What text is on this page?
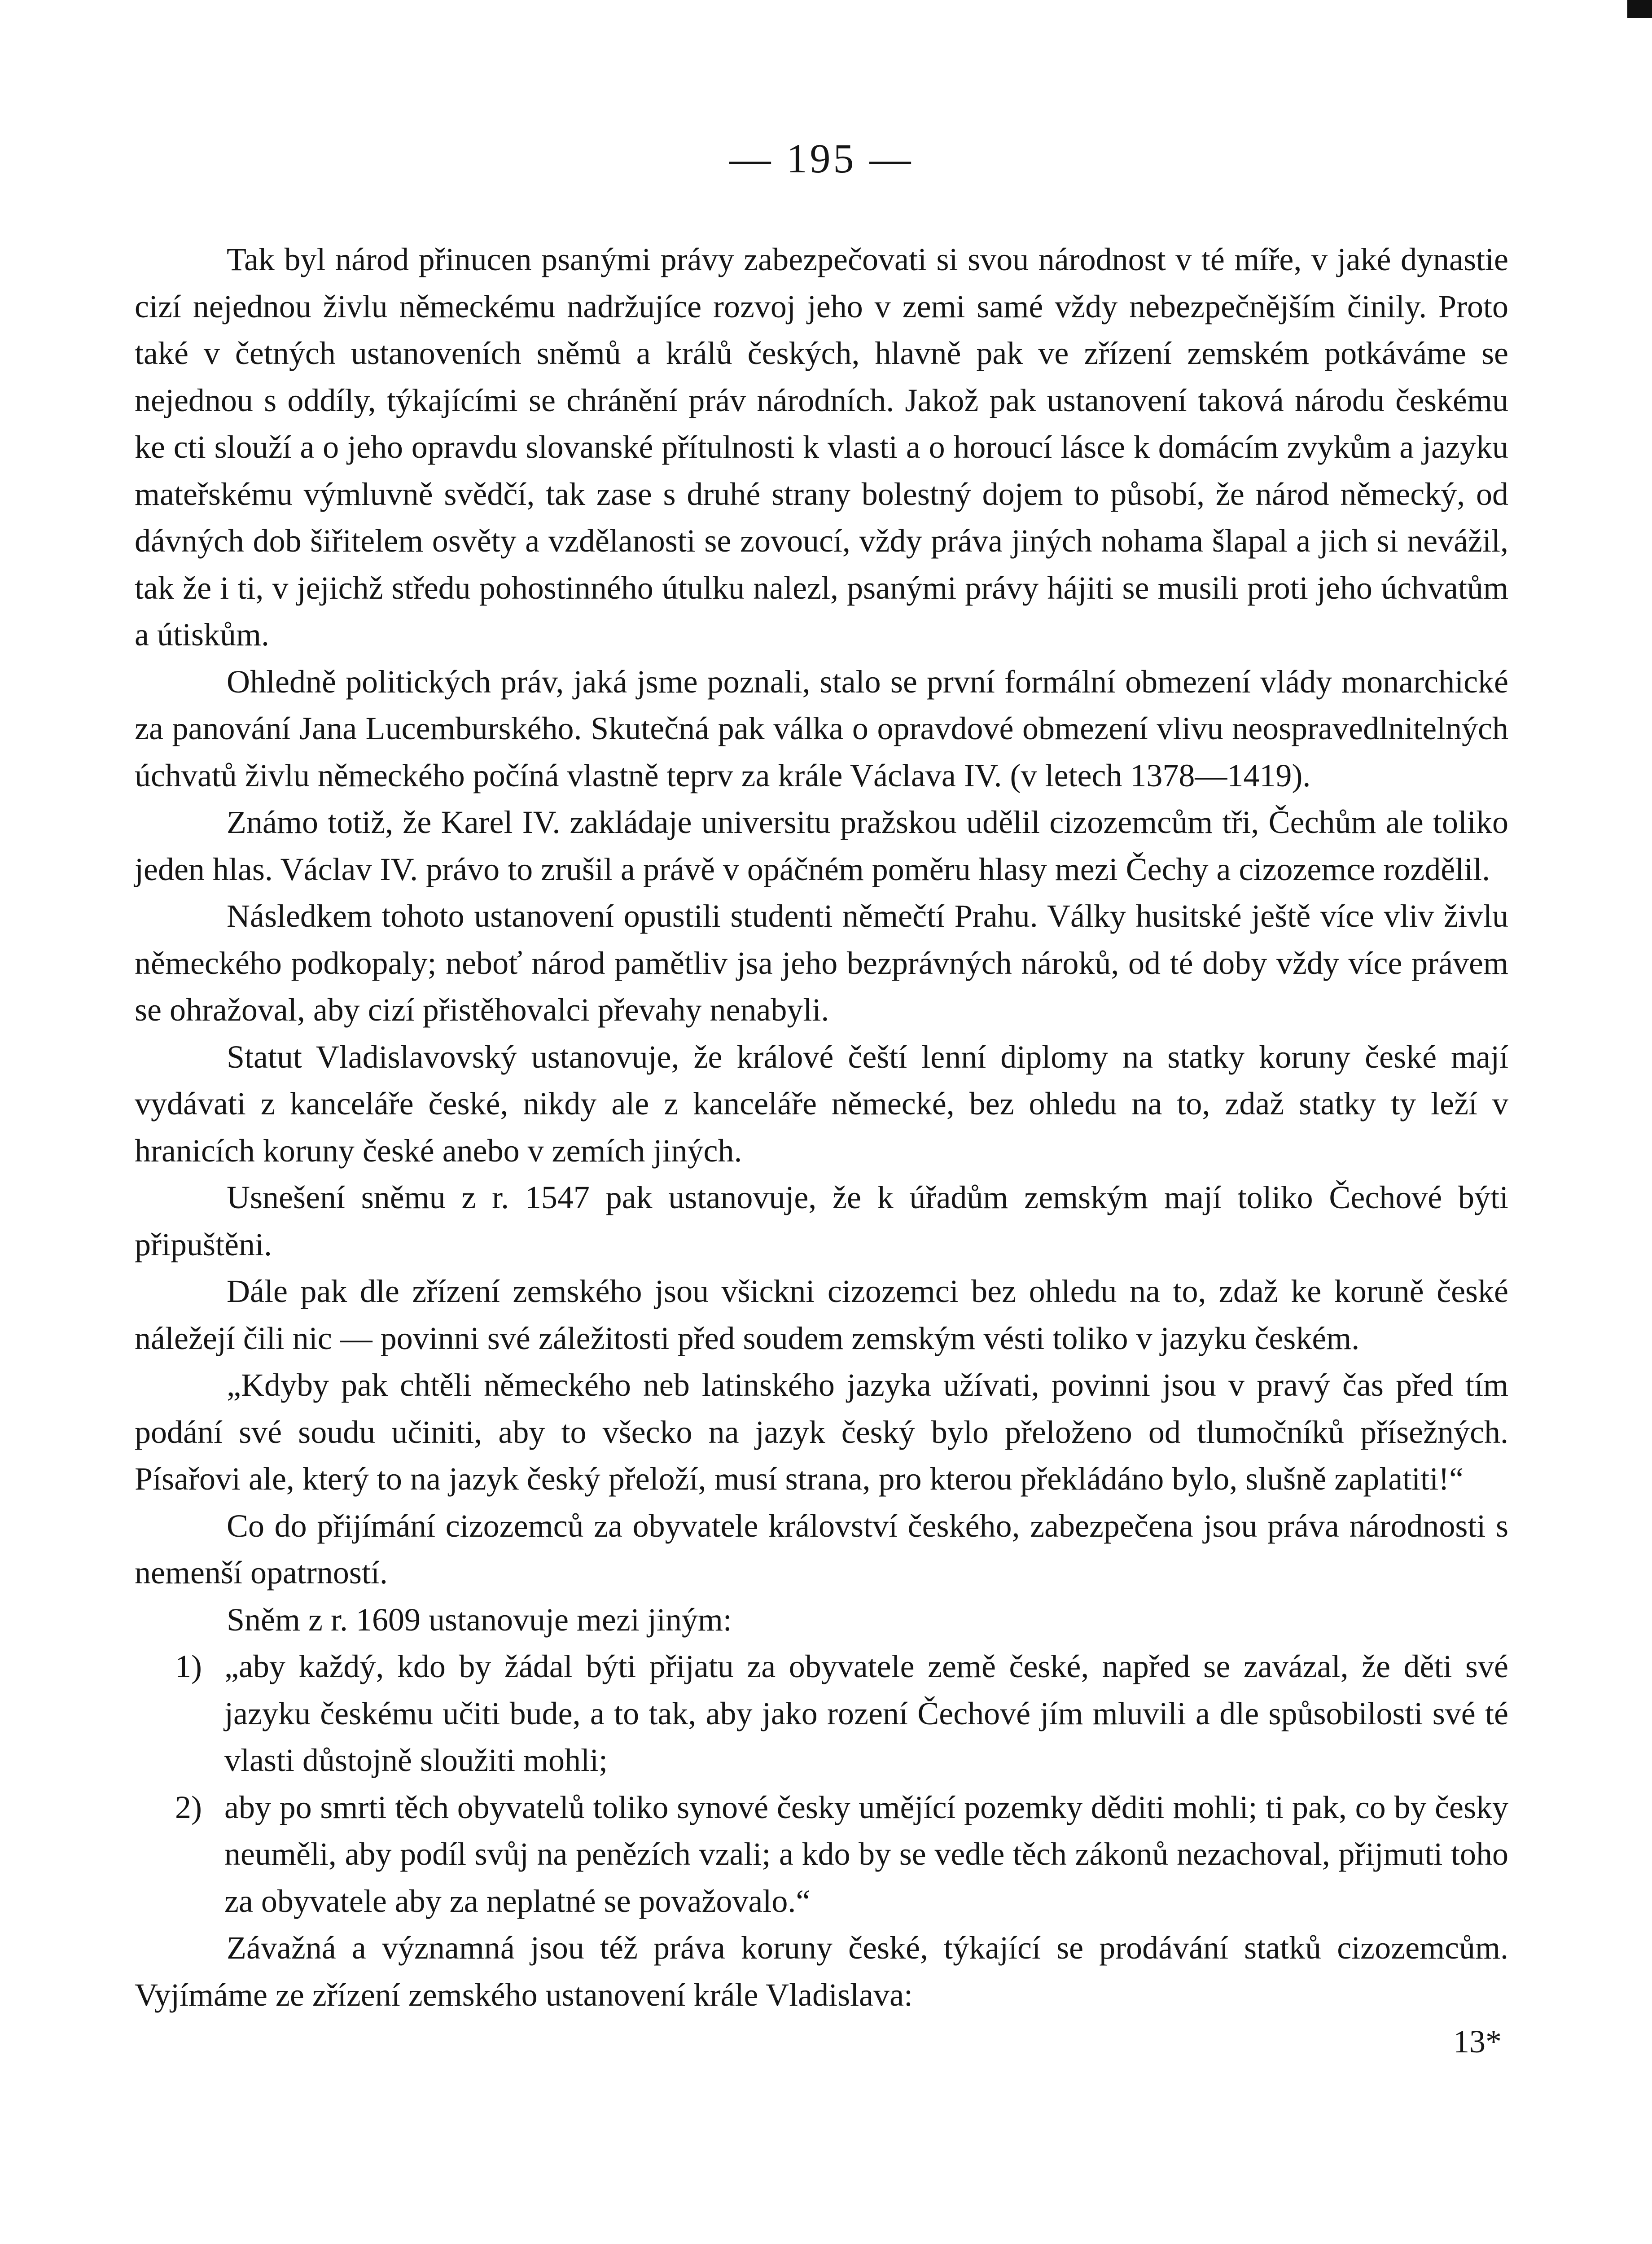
— 195 —

Tak byl národ přinucen psanými právy zabezpečovati si svou národnost v té míře, v jaké dynastie cizí nejednou živlu německému nadržujíce rozvoj jeho v zemi samé vždy nebezpečnějším činily. Proto také v četných ustanoveních sněmů a králů českých, hlavně pak ve zřízení zemském potkáváme se nejednou s oddíly, týkajícími se chránění práv národních. Jakož pak ustanovení taková národu českému ke cti slouží a o jeho opravdu slovanské přítulnosti k vlasti a o horoucí lásce k domácím zvykům a jazyku mateřskému výmluvně svědčí, tak zase s druhé strany bolestný dojem to působí, že národ německý, od dávných dob šiřitelem osvěty a vzdělanosti se zovoucí, vždy práva jiných nohama šlapal a jich si nevážil, tak že i ti, v jejichž středu pohostinného útulku nalezl, psanými právy hájiti se musili proti jeho úchvatům a útiskům.

Ohledně politických práv, jaká jsme poznali, stalo se první formální obmezení vlády monarchické za panování Jana Lucemburského. Skutečná pak válka o opravdové obmezení vlivu neospravedlnitelných úchvatů živlu německého počíná vlastně teprv za krále Václava IV. (v letech 1378—1419).

Známo totiž, že Karel IV. zakládaje universitu pražskou udělil cizozemcům tři, Čechům ale toliko jeden hlas. Václav IV. právo to zrušil a právě v opáčném poměru hlasy mezi Čechy a cizozemce rozdělil.

Následkem tohoto ustanovení opustili studenti němečtí Prahu. Války husitské ještě více vliv živlu německého podkopaly; neboť národ pamětliv jsa jeho bezprávných nároků, od té doby vždy více právem se ohražoval, aby cizí přistěhovalci převahy nenabyli.

Statut Vladislavovský ustanovuje, že králové čeští lenní diplomy na statky koruny české mají vydávati z kanceláře české, nikdy ale z kanceláře německé, bez ohledu na to, zdaž statky ty leží v hranicích koruny české anebo v zemích jiných.

Usnešení sněmu z r. 1547 pak ustanovuje, že k úřadům zemským mají toliko Čechové býti připuštěni.

Dále pak dle zřízení zemského jsou všickni cizozemci bez ohledu na to, zdaž ke koruně české náležejí čili nic — povinni své záležitosti před soudem zemským vésti toliko v jazyku českém.

„Kdyby pak chtěli německého neb latinského jazyka užívati, povinni jsou v pravý čas před tím podání své soudu učiniti, aby to všecko na jazyk český bylo přeloženo od tlumočníků přísežných. Písařovi ale, který to na jazyk český přeloží, musí strana, pro kterou překládáno bylo, slušně zaplatiti!“

Co do přijímání cizozemců za obyvatele království českého, zabezpečena jsou práva národnosti s nemenší opatrností.

Sněm z r. 1609 ustanovuje mezi jiným:

1) „aby každý, kdo by žádal býti přijatu za obyvatele země české, napřed se zavázal, že děti své jazyku českému učiti bude, a to tak, aby jako rození Čechové jím mluvili a dle spůsobilosti své té vlasti důstojně sloužiti mohli;
2) aby po smrti těch obyvatelů toliko synové česky umějící pozemky děditi mohli; ti pak, co by česky neuměli, aby podíl svůj na penězích vzali; a kdo by se vedle těch zákonů nezachoval, přijmuti toho za obyvatele aby za neplatné se považovalo.“

Závažná a významná jsou též práva koruny české, týkající se prodávání statků cizozemcům. Vyjímáme ze zřízení zemského ustanovení krále Vladislava:

13*
